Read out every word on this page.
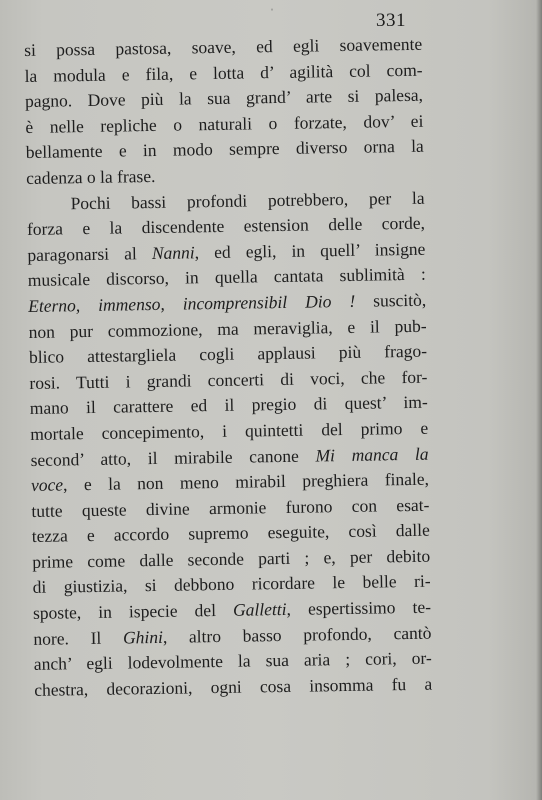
ˈ	331
si possa pastosa, soave, ed egli soavemente
la modula e fila, e lotta d’ agilità col com-
pagno. Dove più la sua grand’ arte si palesa,
è nelle repliche o naturali o forzate, dov’ ei
bellamente e in modo sempre diverso orna la
cadenza o la frase.
Pochi bassi profondi potrebbero, per la
forza e la discendente estension delle corde,
paragonarsi al Nanni, ed egli, in quell’ insigne
musicale discorso, in quella cantata sublimità :
Eterno, immenso, incomprensibil Dio ! suscitò,
non pur commozione, ma meraviglia, e il pub-
blico attestargliela cogli applausi più frago-
rosi. Tutti i grandi concerti di voci, che for-
mano il carattere ed il pregio di quest’ im-
mortale concepimento, i quintetti del primo e
second’ atto, il mirabile canone Mi manca la
voce, e la non meno mirabil preghiera finale,
tutte queste divine armonie furono con esat-
tezza e accordo supremo eseguite, così dalle
prime come dalle seconde parti ; e, per debito
di giustizia, si debbono ricordare le belle ri-
sposte, in ispecie del Galletti, espertissimo te-
nore. Il Ghini, altro basso profondo, cantò
anch’ egli lodevolmente la sua aria ; cori, or-
chestra, decorazioni, ogni cosa insomma fu a
